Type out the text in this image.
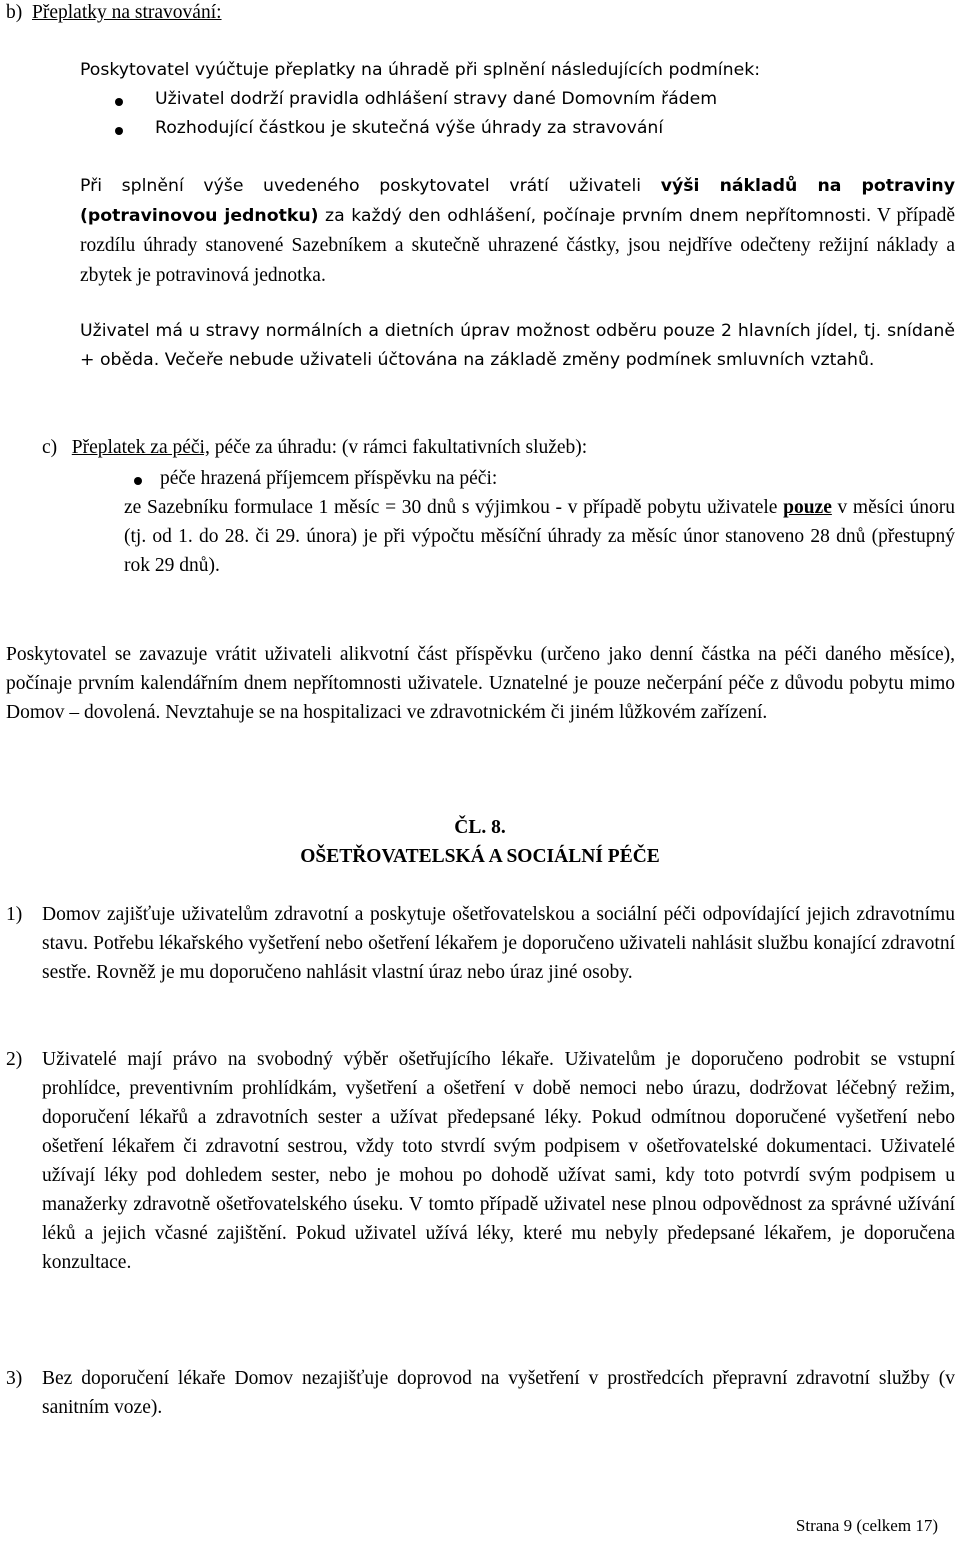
b) Přeplatky na stravování:
Poskytovatel vyúčtuje přeplatky na úhradě při splnění následujících podmínek:
Uživatel dodrží pravidla odhlášení stravy dané Domovním řádem
Rozhodující částkou je skutečná výše úhrady za stravování
Při splnění výše uvedeného poskytovatel vrátí uživateli výši nákladů na potraviny (potravinovou jednotku) za každý den odhlášení, počínaje prvním dnem nepřítomnosti. V případě rozdílu úhrady stanovené Sazebníkem a skutečně uhrazené částky, jsou nejdříve odečteny režijní náklady a zbytek je potravinová jednotka.
Uživatel má u stravy normálních a dietních úprav možnost odběru pouze 2 hlavních jídel, tj. snídaně + oběda. Večeře nebude uživateli účtována na základě změny podmínek smluvních vztahů.
c) Přeplatek za péči, péče za úhradu: (v rámci fakultativních služeb):
péče hrazená příjemcem příspěvku na péči:
ze Sazebníku formulace 1 měsíc = 30 dnů s výjimkou - v případě pobytu uživatele pouze v měsíci únoru (tj. od 1. do 28. či 29. února) je při výpočtu měsíční úhrady za měsíc únor stanoveno 28 dnů (přestupný rok 29 dnů).
Poskytovatel se zavazuje vrátit uživateli alikvotní část příspěvku (určeno jako denní částka na péči daného měsíce), počínaje prvním kalendářním dnem nepřítomnosti uživatele. Uznatelné je pouze nečerpání péče z důvodu pobytu mimo Domov – dovolená. Nevztahuje se na hospitalizaci ve zdravotnickém či jiném lůžkovém zařízení.
ČL. 8.
OŠETŘOVATELSKÁ A SOCIÁLNÍ PÉČE
1) Domov zajišťuje uživatelům zdravotní a poskytuje ošetřovatelskou a sociální péči odpovídající jejich zdravotnímu stavu. Potřebu lékařského vyšetření nebo ošetření lékařem je doporučeno uživateli nahlásit službu konající zdravotní sestře. Rovněž je mu doporučeno nahlásit vlastní úraz nebo úraz jiné osoby.
2) Uživatelé mají právo na svobodný výběr ošetřujícího lékaře. Uživatelům je doporučeno podrobit se vstupní prohlídce, preventivním prohlídkám, vyšetření a ošetření v době nemoci nebo úrazu, dodržovat léčebný režim, doporučení lékařů a zdravotních sester a užívat předepsané léky. Pokud odmítnou doporučené vyšetření nebo ošetření lékařem či zdravotní sestrou, vždy toto stvrdí svým podpisem v ošetřovatelské dokumentaci. Uživatelé užívají léky pod dohledem sester, nebo je mohou po dohodě užívat sami, kdy toto potvrdí svým podpisem u manažerky zdravotně ošetřovatelského úseku. V tomto případě uživatel nese plnou odpovědnost za správné užívání léků a jejich včasné zajištění. Pokud uživatel užívá léky, které mu nebyly předepsané lékařem, je doporučena konzultace.
3) Bez doporučení lékaře Domov nezajišťuje doprovod na vyšetření v prostředcích přepravní zdravotní služby (v sanitním voze).
Strana 9 (celkem 17)
